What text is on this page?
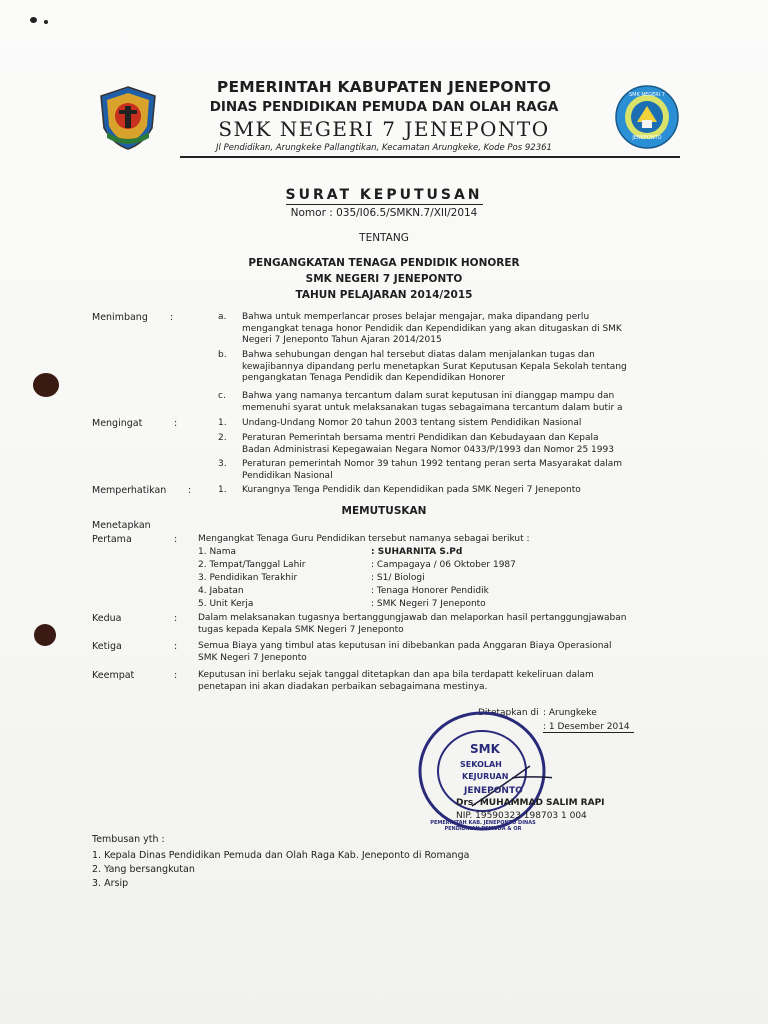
SMK NEGERI 7
JENEPONTO
PEMERINTAH KABUPATEN JENEPONTO
DINAS PENDIDIKAN PEMUDA DAN OLAH RAGA
SMK NEGERI 7 JENEPONTO
Jl Pendidikan, Arungkeke Pallangtikan, Kecamatan Arungkeke, Kode Pos 92361
SURAT KEPUTUSAN
Nomor : 035/I06.5/SMKN.7/XII/2014
TENTANG
PENGANGKATAN TENAGA PENDIDIK HONORER
SMK NEGERI 7 JENEPONTO
TAHUN PELAJARAN 2014/2015
Menimbang :	a. Bahwa untuk memperlancar proses belajar mengajar, maka dipandang perlu
mengangkat tenaga honor Pendidik dan Kependidikan yang akan ditugaskan di SMK
Negeri 7 Jeneponto Tahun Ajaran 2014/2015
b. Bahwa sehubungan dengan hal tersebut diatas dalam menjalankan tugas dan
kewajibannya dipandang perlu menetapkan Surat Keputusan Kepala Sekolah tentang
pengangkatan Tenaga Pendidik dan Kependidikan Honorer
c. Bahwa yang namanya tercantum dalam surat keputusan ini dianggap mampu dan
memenuhi syarat untuk melaksanakan tugas sebagaimana tercantum dalam butir a
Mengingat	:	1. Undang-Undang Nomor 20 tahun 2003 tentang sistem Pendidikan Nasional
2. Peraturan Pemerintah bersama mentri Pendidikan dan Kebudayaan dan Kepala
Badan Administrasi Kepegawaian Negara Nomor 0433/P/1993 dan Nomor 25 1993
3. Peraturan pemerintah Nomor 39 tahun 1992 tentang peran serta Masyarakat dalam
Pendidikan Nasional
Memperhatikan :	1. Kurangnya Tenga Pendidik dan Kependidikan pada SMK Negeri 7 Jeneponto
MEMUTUSKAN
Menetapkan
Pertama	: Mengangkat Tenaga Guru Pendidikan tersebut namanya sebagai berikut :
1. Nama	: SUHARNITA S.Pd
2. Tempat/Tanggal Lahir	: Campagaya / 06 Oktober 1987
3. Pendidikan Terakhir	: S1/ Biologi
4. Jabatan	: Tenaga Honorer Pendidik
5. Unit Kerja	: SMK Negeri 7 Jeneponto
Kedua	: Dalam melaksanakan tugasnya bertanggungjawab dan melaporkan hasil pertanggungjawaban
tugas kepada Kepala SMK Negeri 7 Jeneponto
Ketiga	: Semua Biaya yang timbul atas keputusan ini dibebankan pada Anggaran Biaya Operasional
SMK Negeri 7 Jeneponto
Keempat	: Keputusan ini berlaku sejak tanggal ditetapkan dan apa bila terdapatt kekeliruan dalam
penetapan ini akan diadakan perbaikan sebagaimana mestinya.
Ditetapkan di : Arungkeke
: 1 Desember 2014
PEMERINTAH KAB. JENEPONTO DINAS PENDIDIKAN PEMUDA & OR
SMK
SEKOLAH
KEJURUAN
JENEPONTO
Drs. MUHAMMAD SALIM RAPI
NIP. 19590323 198703 1 004
Tembusan yth :
1. Kepala Dinas Pendidikan Pemuda dan Olah Raga Kab. Jeneponto di Romanga
2. Yang bersangkutan
3. Arsip
